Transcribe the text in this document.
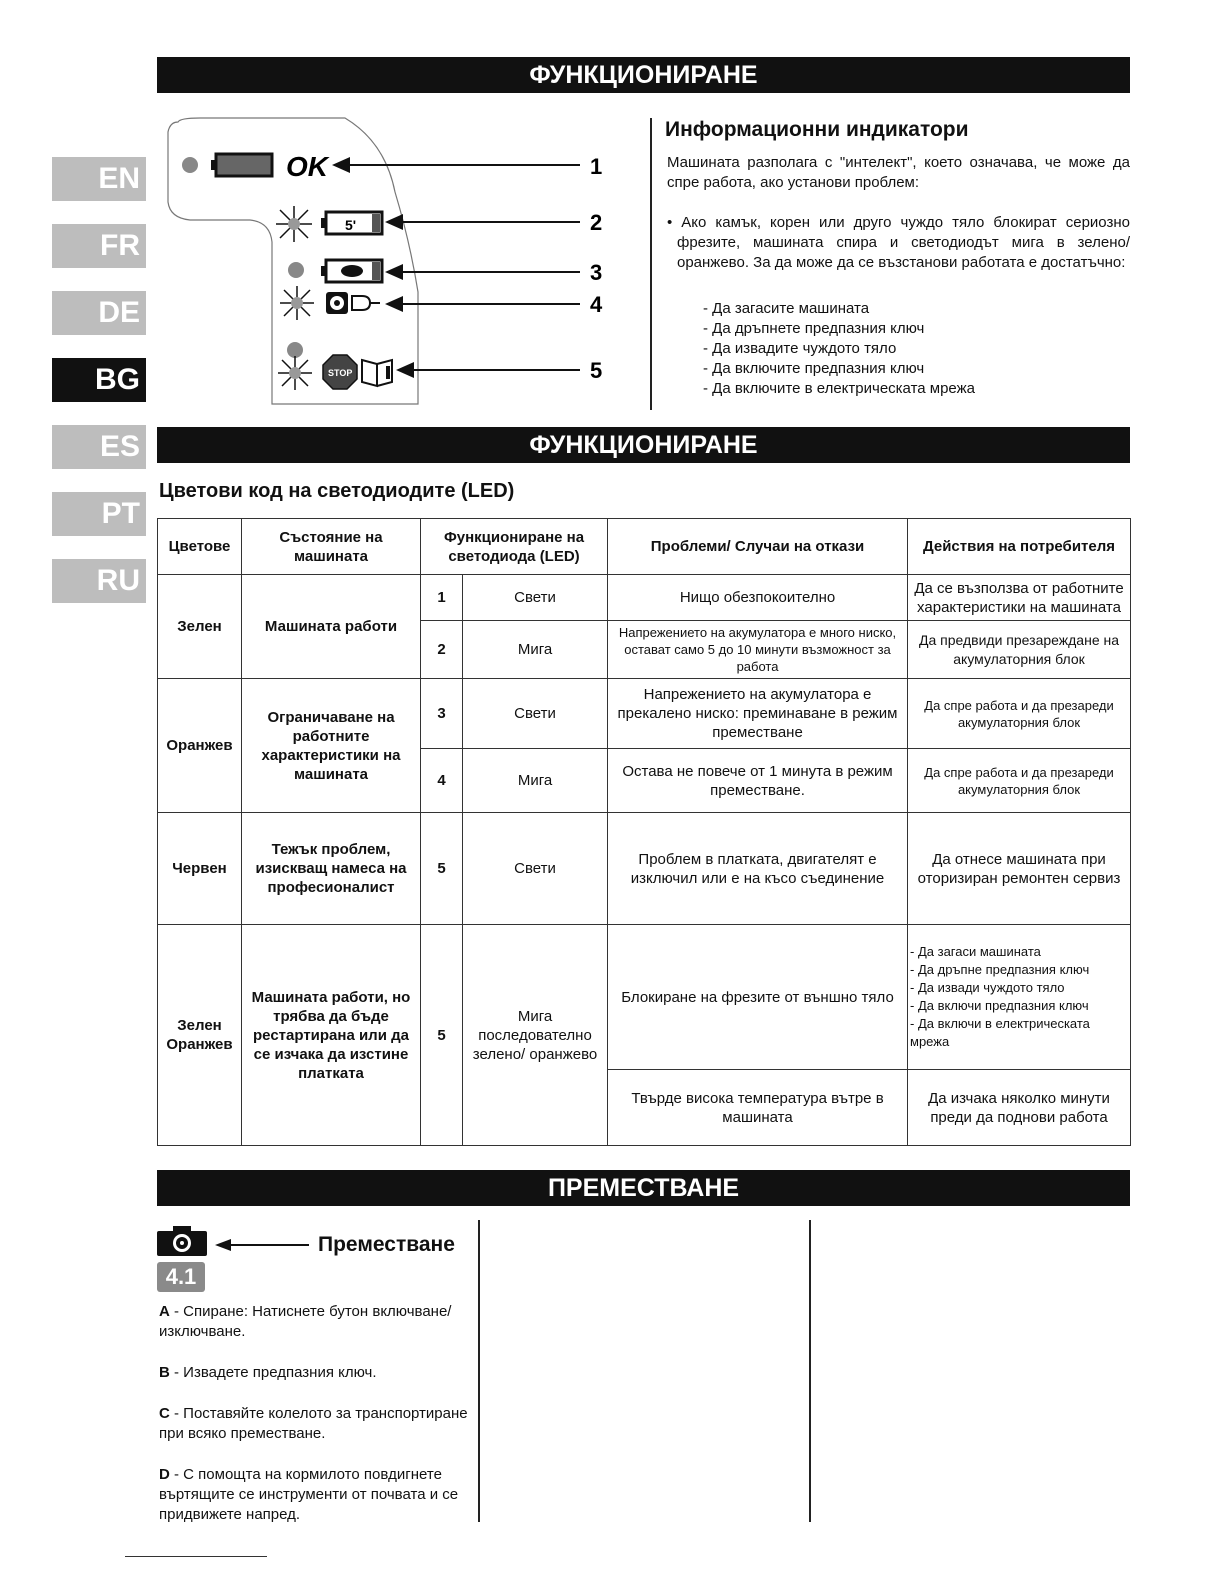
ФУНКЦИОНИРАНЕ
EN
FR
DE
BG
ES
PT
RU
OK	1
5'	2
3
4
STOP	5
Информационни индикатори
Машината разполага с "интелект", което означава, че може да спре работа, ако установи проблем:
• Ако камък, корен или друго чуждо тяло блокират сериозно фрезите, машината спира и светодиодът мига в зелено/оранжево. За да може да се възстанови работата е достатъчно:
- Да загасите машината
- Да дръпнете предпазния ключ
- Да извадите чуждото тяло
- Да включите предпазния ключ
- Да включите в електрическата мрежа
ФУНКЦИОНИРАНЕ
Цветови код на светодиодите (LED)
Цветове	Състояние на машината	Функциониране на светодиода (LED)		Проблеми/ Случаи на откази	Действия на потребителя
Зелен	Машината работи	1	Свети	Нищо обезпокоително	Да се възползва от работните характеристики на машината
		2	Мига	Напрежението на акумулатора е много ниско, остават само 5 до 10 минути възможност за работа	Да предвиди презареждане на акумулаторния блок
Оранжев	Ограничаване на работните характеристики на машината	3	Свети	Напрежението на акумулатора е прекалено ниско: преминаване в режим преместване	Да спре работа и да презареди акумулаторния блок
		4	Мига	Остава не повече от 1 минута в режим преместване.	Да спре работа и да презареди акумулаторния блок
Червен	Тежък проблем, изискващ намеса на професионалист	5	Свети	Проблем в платката, двигателят е изключил или е на късо съединение	Да отнесе машината при оторизиран ремонтен сервиз
Зелен Оранжев	Машината работи, но трябва да бъде рестартирана или да се изчака да изстине платката	5	Мига последователно зелено/ оранжево	Блокиране на фрезите от външно тяло	- Да загаси машината
- Да дръпне предпазния ключ
- Да извади чуждото тяло
- Да включи предпазния ключ
- Да включи в електрическата мрежа

				Твърде висока температура вътре в машината	Да изчака няколко минути преди да поднови работа
ПРЕМЕСТВАНЕ
Преместване
4.1
A - Спиране: Натиснете бутон включване/изключване.
B - Извадете предпазния ключ.
C - Поставяйте колелото за транспортиране при всяко преместване.
D - С помощта на кормилото повдигнете въртящите се инструменти от почвата и се придвижете напред.
